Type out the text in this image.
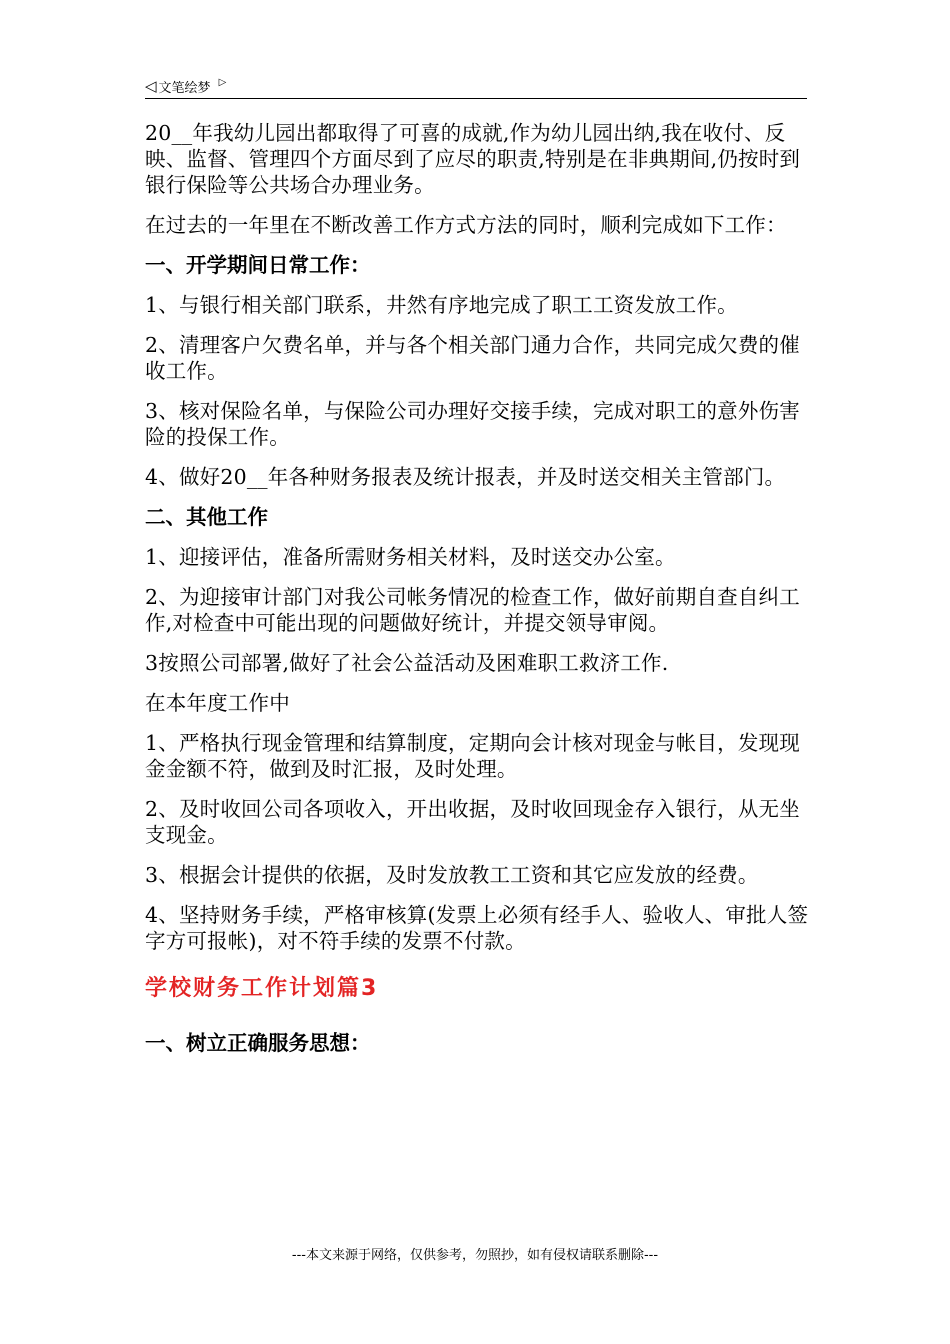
◁ 文笔绘梦 ▷

20__年我幼儿园出都取得了可喜的成就,作为幼儿园出纳,我在收付、反映、监督、管理四个方面尽到了应尽的职责,特别是在非典期间,仍按时到银行保险等公共场合办理业务。

在过去的一年里在不断改善工作方式方法的同时，顺利完成如下工作：

一、开学期间日常工作：

1、与银行相关部门联系，井然有序地完成了职工工资发放工作。

2、清理客户欠费名单，并与各个相关部门通力合作，共同完成欠费的催收工作。

3、核对保险名单，与保险公司办理好交接手续，完成对职工的意外伤害险的投保工作。

4、做好20__年各种财务报表及统计报表，并及时送交相关主管部门。

二、其他工作

1、迎接评估，准备所需财务相关材料，及时送交办公室。

2、为迎接审计部门对我公司帐务情况的检查工作，做好前期自查自纠工作,对检查中可能出现的问题做好统计，并提交领导审阅。

3按照公司部署,做好了社会公益活动及困难职工救济工作.

在本年度工作中

1、严格执行现金管理和结算制度，定期向会计核对现金与帐目，发现现金金额不符，做到及时汇报，及时处理。

2、及时收回公司各项收入，开出收据，及时收回现金存入银行，从无坐支现金。

3、根据会计提供的依据，及时发放教工工资和其它应发放的经费。

4、坚持财务手续，严格审核算(发票上必须有经手人、验收人、审批人签字方可报帐)，对不符手续的发票不付款。

学校财务工作计划篇3

一、树立正确服务思想：

---本文来源于网络，仅供参考，勿照抄，如有侵权请联系删除---
